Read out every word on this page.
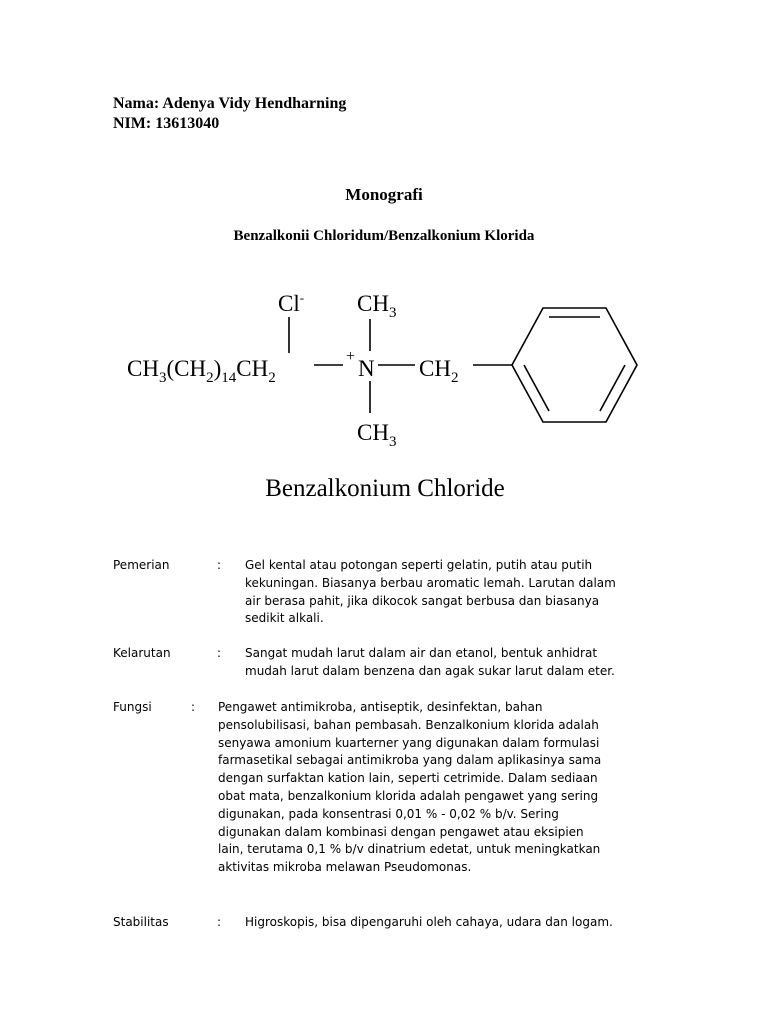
Nama: Adenya Vidy Hendharning
NIM: 13613040
Monografi
Benzalkonii Chloridum/Benzalkonium Klorida
Cl- $CH_3$
$CH_3(CH_2)_{14}CH_2$
+ N $CH_2$
$CH_3$
Benzalkonium Chloride
Pemerian	: Gel kental atau potongan seperti gelatin, putih atau putih kekuningan. Biasanya berbau aromatic lemah. Larutan dalam air berasa pahit, jika dikocok sangat berbusa dan biasanya sedikit alkali.
Kelarutan	: Sangat mudah larut dalam air dan etanol, bentuk anhidrat mudah larut dalam benzena dan agak sukar larut dalam eter.
Fungsi	: Pengawet antimikroba, antiseptik, desinfektan, bahan pensolubilisasi, bahan pembasah. Benzalkonium klorida adalah senyawa amonium kuarterner yang digunakan dalam formulasi farmasetikal sebagai antimikroba yang dalam aplikasinya sama dengan surfaktan kation lain, seperti cetrimide. Dalam sediaan obat mata, benzalkonium klorida adalah pengawet yang sering digunakan, pada konsentrasi 0,01 % - 0,02 % b/v. Sering digunakan dalam kombinasi dengan pengawet atau eksipien lain, terutama 0,1 % b/v dinatrium edetat, untuk meningkatkan aktivitas mikroba melawan Pseudomonas.
Stabilitas	: Higroskopis, bisa dipengaruhi oleh cahaya, udara dan logam.
